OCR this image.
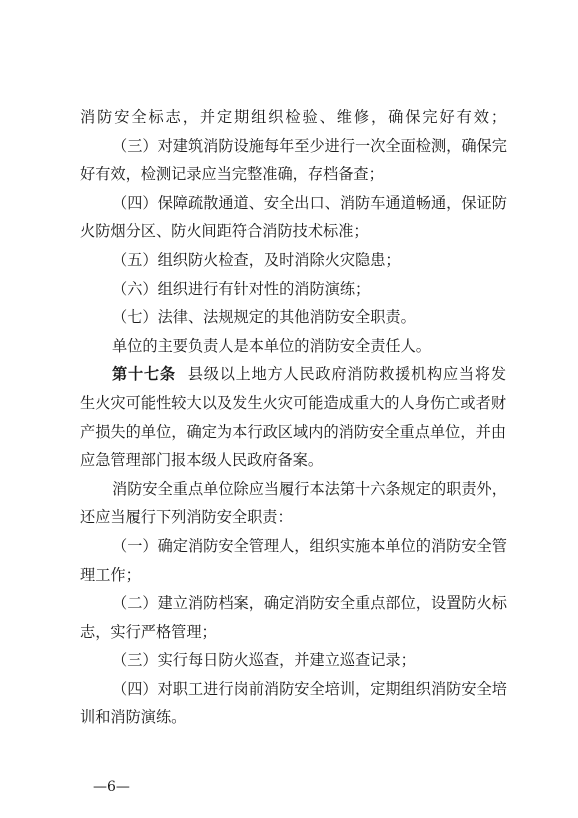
消防安全标志，并定期组织检验、维修，确保完好有效；
（三）对建筑消防设施每年至少进行一次全面检测，确保完
好有效，检测记录应当完整准确，存档备查；
（四）保障疏散通道、安全出口、消防车通道畅通，保证防
火防烟分区、防火间距符合消防技术标准；
（五）组织防火检查，及时消除火灾隐患；
（六）组织进行有针对性的消防演练；
（七）法律、法规规定的其他消防安全职责。
单位的主要负责人是本单位的消防安全责任人。
第十七条 县级以上地方人民政府消防救援机构应当将发
生火灾可能性较大以及发生火灾可能造成重大的人身伤亡或者财
产损失的单位，确定为本行政区域内的消防安全重点单位，并由
应急管理部门报本级人民政府备案。
消防安全重点单位除应当履行本法第十六条规定的职责外，
还应当履行下列消防安全职责：
（一）确定消防安全管理人，组织实施本单位的消防安全管
理工作；
（二）建立消防档案，确定消防安全重点部位，设置防火标
志，实行严格管理；
（三）实行每日防火巡查，并建立巡查记录；
（四）对职工进行岗前消防安全培训，定期组织消防安全培
训和消防演练。
—6—
